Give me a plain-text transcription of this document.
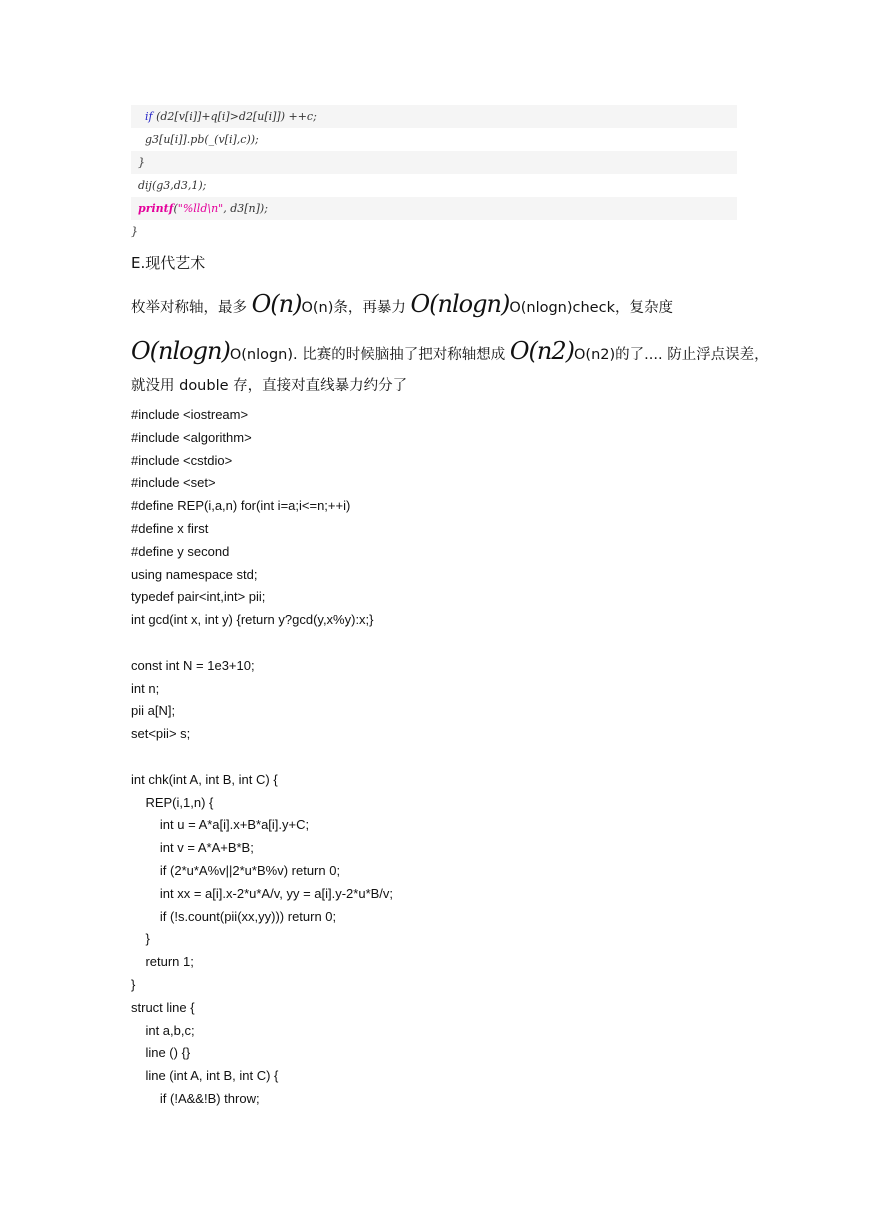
if (d2[v[i]]+q[i]>d2[u[i]]) ++c;
g3[u[i]].pb(_(v[i],c));
}
dij(g3,d3,1);
printf("%lld\n", d3[n]);
}
E.现代艺术
枚举对称轴，最多 O(n)O(n)条，再暴力 O(nlogn)O(nlogn)check，复杂度
O(nlogn)O(nlogn). 比赛的时候脑抽了把对称轴想成 O(n2)O(n2)的了.... 防止浮点误差，
就没用 double 存，直接对直线暴力约分了
#include <iostream>
#include <algorithm>
#include <cstdio>
#include <set>
#define REP(i,a,n) for(int i=a;i<=n;++i)
#define x first
#define y second
using namespace std;
typedef pair<int,int> pii;
int gcd(int x, int y) {return y?gcd(y,x%y):x;}
const int N = 1e3+10;
int n;
pii a[N];
set<pii> s;
int chk(int A, int B, int C) {
REP(i,1,n) {
int u = A*a[i].x+B*a[i].y+C;
int v = A*A+B*B;
if (2*u*A%v||2*u*B%v) return 0;
int xx = a[i].x-2*u*A/v, yy = a[i].y-2*u*B/v;
if (!s.count(pii(xx,yy))) return 0;
}
return 1;
}
struct line {
int a,b,c;
line () {}
line (int A, int B, int C) {
if (!A&&!B) throw;
